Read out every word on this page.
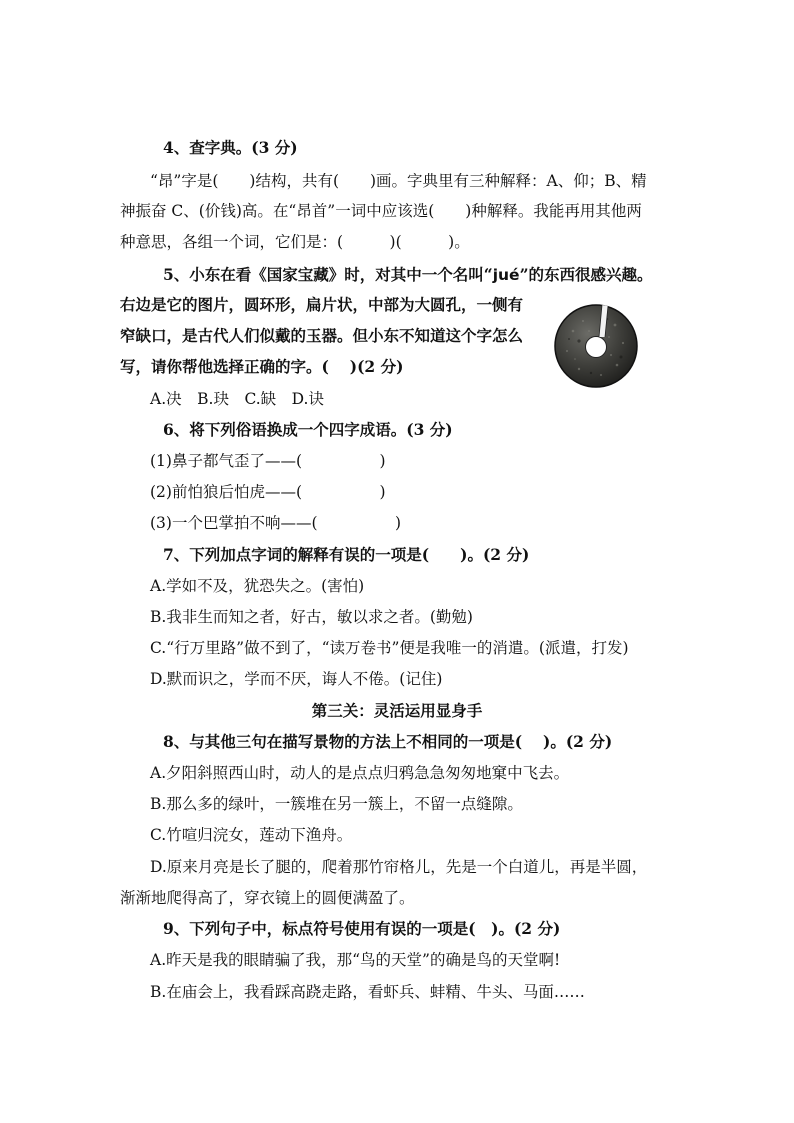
4、查字典。(3 分)
“昂”字是(　　)结构，共有(　　)画。字典里有三种解释：A、仰；B、精
神振奋 C、(价钱)高。在“昂首”一词中应该选(　　)种解释。我能再用其他两
种意思，各组一个词，它们是：(　　　)(　　　)。
5、小东在看《国家宝藏》时，对其中一个名叫“jué”的东西很感兴趣。
右边是它的图片，圆环形，扁片状，中部为大圆孔，一侧有
窄缺口，是古代人们似戴的玉器。但小东不知道这个字怎么
写，请你帮他选择正确的字。(　 )(2 分)
A.决　B.玦　C.缺　D.诀
6、将下列俗语换成一个四字成语。(3 分)
(1)鼻子都气歪了——(　　　　　)
(2)前怕狼后怕虎——(　　　　　)
(3)一个巴掌拍不响——(　　　　　)
7、下列加点字词的解释有误的一项是(　　)。(2 分)
A.学如不及，犹恐失之。(害怕)
B.我非生而知之者，好古，敏以求之者。(勤勉)
C.“行万里路”做不到了，“读万卷书”便是我唯一的消遣。(派遣，打发)
D.默而识之，学而不厌，诲人不倦。(记住)
第三关：灵活运用显身手
8、与其他三句在描写景物的方法上不相同的一项是(　 )。(2 分)
A.夕阳斜照西山时，动人的是点点归鸦急急匆匆地窠中飞去。
B.那么多的绿叶，一簇堆在另一簇上，不留一点缝隙。
C.竹喧归浣女，莲动下渔舟。
D.原来月亮是长了腿的，爬着那竹帘格儿，先是一个白道儿，再是半圆，
渐渐地爬得高了，穿衣镜上的圆便满盈了。
9、下列句子中，标点符号使用有误的一项是(　)。(2 分)
A.昨天是我的眼睛骗了我，那“鸟的天堂”的确是鸟的天堂啊!
B.在庙会上，我看踩高跷走路，看虾兵、蚌精、牛头、马面……
